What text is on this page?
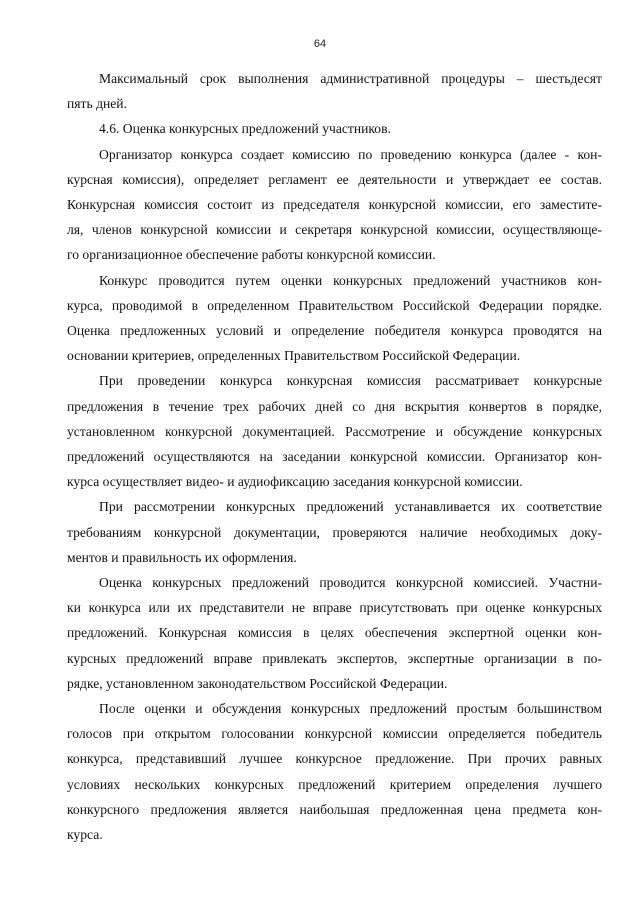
64

Максимальный срок выполнения административной процедуры – шестьдесят
пять дней.

4.6. Оценка конкурсных предложений участников.

Организатор конкурса создает комиссию по проведению конкурса (далее - кон-
курсная комиссия), определяет регламент ее деятельности и утверждает ее состав.
Конкурсная комиссия состоит из председателя конкурсной комиссии, его заместите-
ля, членов конкурсной комиссии и секретаря конкурсной комиссии, осуществляюще-
го организационное обеспечение работы конкурсной комиссии.

Конкурс проводится путем оценки конкурсных предложений участников кон-
курса, проводимой в определенном Правительством Российской Федерации порядке.
Оценка предложенных условий и определение победителя конкурса проводятся на
основании критериев, определенных Правительством Российской Федерации.

При проведении конкурса конкурсная комиссия рассматривает конкурсные
предложения в течение трех рабочих дней со дня вскрытия конвертов в порядке,
установленном конкурсной документацией. Рассмотрение и обсуждение конкурсных
предложений осуществляются на заседании конкурсной комиссии. Организатор кон-
курса осуществляет видео- и аудиофиксацию заседания конкурсной комиссии.

При рассмотрении конкурсных предложений устанавливается их соответствие
требованиям конкурсной документации, проверяются наличие необходимых доку-
ментов и правильность их оформления.

Оценка конкурсных предложений проводится конкурсной комиссией. Участни-
ки конкурса или их представители не вправе присутствовать при оценке конкурсных
предложений. Конкурсная комиссия в целях обеспечения экспертной оценки кон-
курсных предложений вправе привлекать экспертов, экспертные организации в по-
рядке, установленном законодательством Российской Федерации.

После оценки и обсуждения конкурсных предложений простым большинством
голосов при открытом голосовании конкурсной комиссии определяется победитель
конкурса, представивший лучшее конкурсное предложение. При прочих равных
условиях нескольких конкурсных предложений критерием определения лучшего
конкурсного предложения является наибольшая предложенная цена предмета кон-
курса.
